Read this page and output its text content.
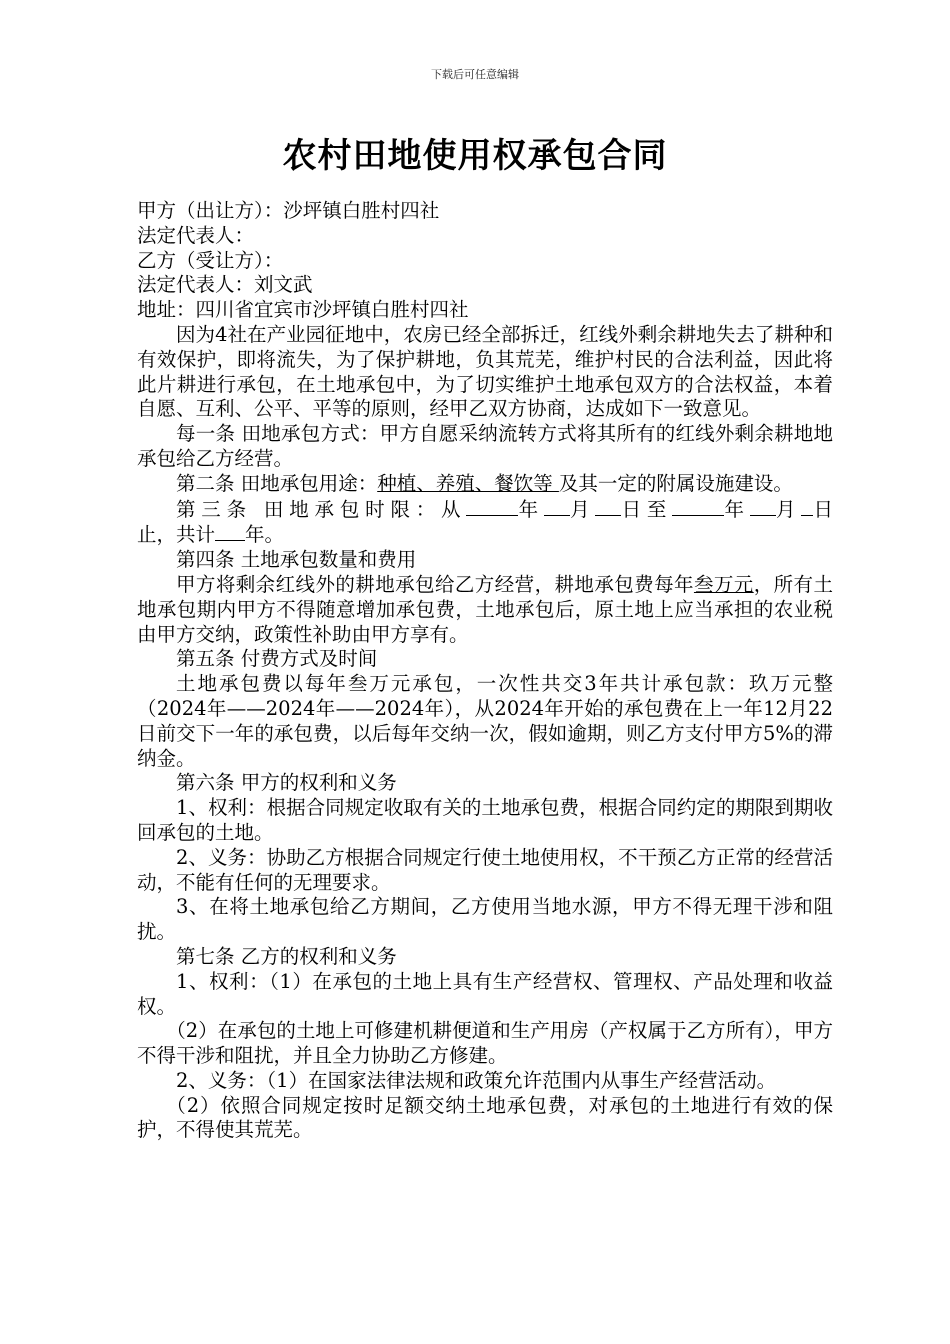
下载后可任意编辑
农村田地使用权承包合同

甲方（出让方）：沙坪镇白胜村四社

法定代表人：

乙方（受让方）：

法定代表人：刘文武

地址：四川省宜宾市沙坪镇白胜村四社

因为4社在产业园征地中，农房已经全部拆迁，红线外剩余耕地失去了耕种和有效保护，即将流失，为了保护耕地，负其荒芜，维护村民的合法利益，因此将此片耕进行承包，在土地承包中，为了切实维护土地承包双方的合法权益，本着自愿、互利、公平、平等的原则，经甲乙双方协商，达成如下一致意见。

每一条 田地承包方式：甲方自愿采纳流转方式将其所有的红线外剩余耕地地承包给乙方经营。

第二条 田地承包用途：种植、养殖、餐饮等 及其一定的附属设施建设。

第三条 田地承包时限：从	年 月 日至	年 月 日止，共计 年。

第四条 土地承包数量和费用

甲方将剩余红线外的耕地承包给乙方经营，耕地承包费每年叁万元，所有土地承包期内甲方不得随意增加承包费，土地承包后，原土地上应当承担的农业税由甲方交纳，政策性补助由甲方享有。

第五条 付费方式及时间

土地承包费以每年叁万元承包，一次性共交3年共计承包款：玖万元整（2024年——2024年——2024年），从2024年开始的承包费在上一年12月22日前交下一年的承包费，以后每年交纳一次，假如逾期，则乙方支付甲方5%的滞纳金。

第六条 甲方的权利和义务

1、权利：根据合同规定收取有关的土地承包费，根据合同约定的期限到期收回承包的土地。

2、义务：协助乙方根据合同规定行使土地使用权，不干预乙方正常的经营活动，不能有任何的无理要求。

3、在将土地承包给乙方期间，乙方使用当地水源，甲方不得无理干涉和阻扰。

第七条 乙方的权利和义务

1、权利：（1）在承包的土地上具有生产经营权、管理权、产品处理和收益权。

（2）在承包的土地上可修建机耕便道和生产用房（产权属于乙方所有），甲方不得干涉和阻扰，并且全力协助乙方修建。

2、义务：（1）在国家法律法规和政策允许范围内从事生产经营活动。

（2）依照合同规定按时足额交纳土地承包费，对承包的土地进行有效的保护，不得使其荒芜。
